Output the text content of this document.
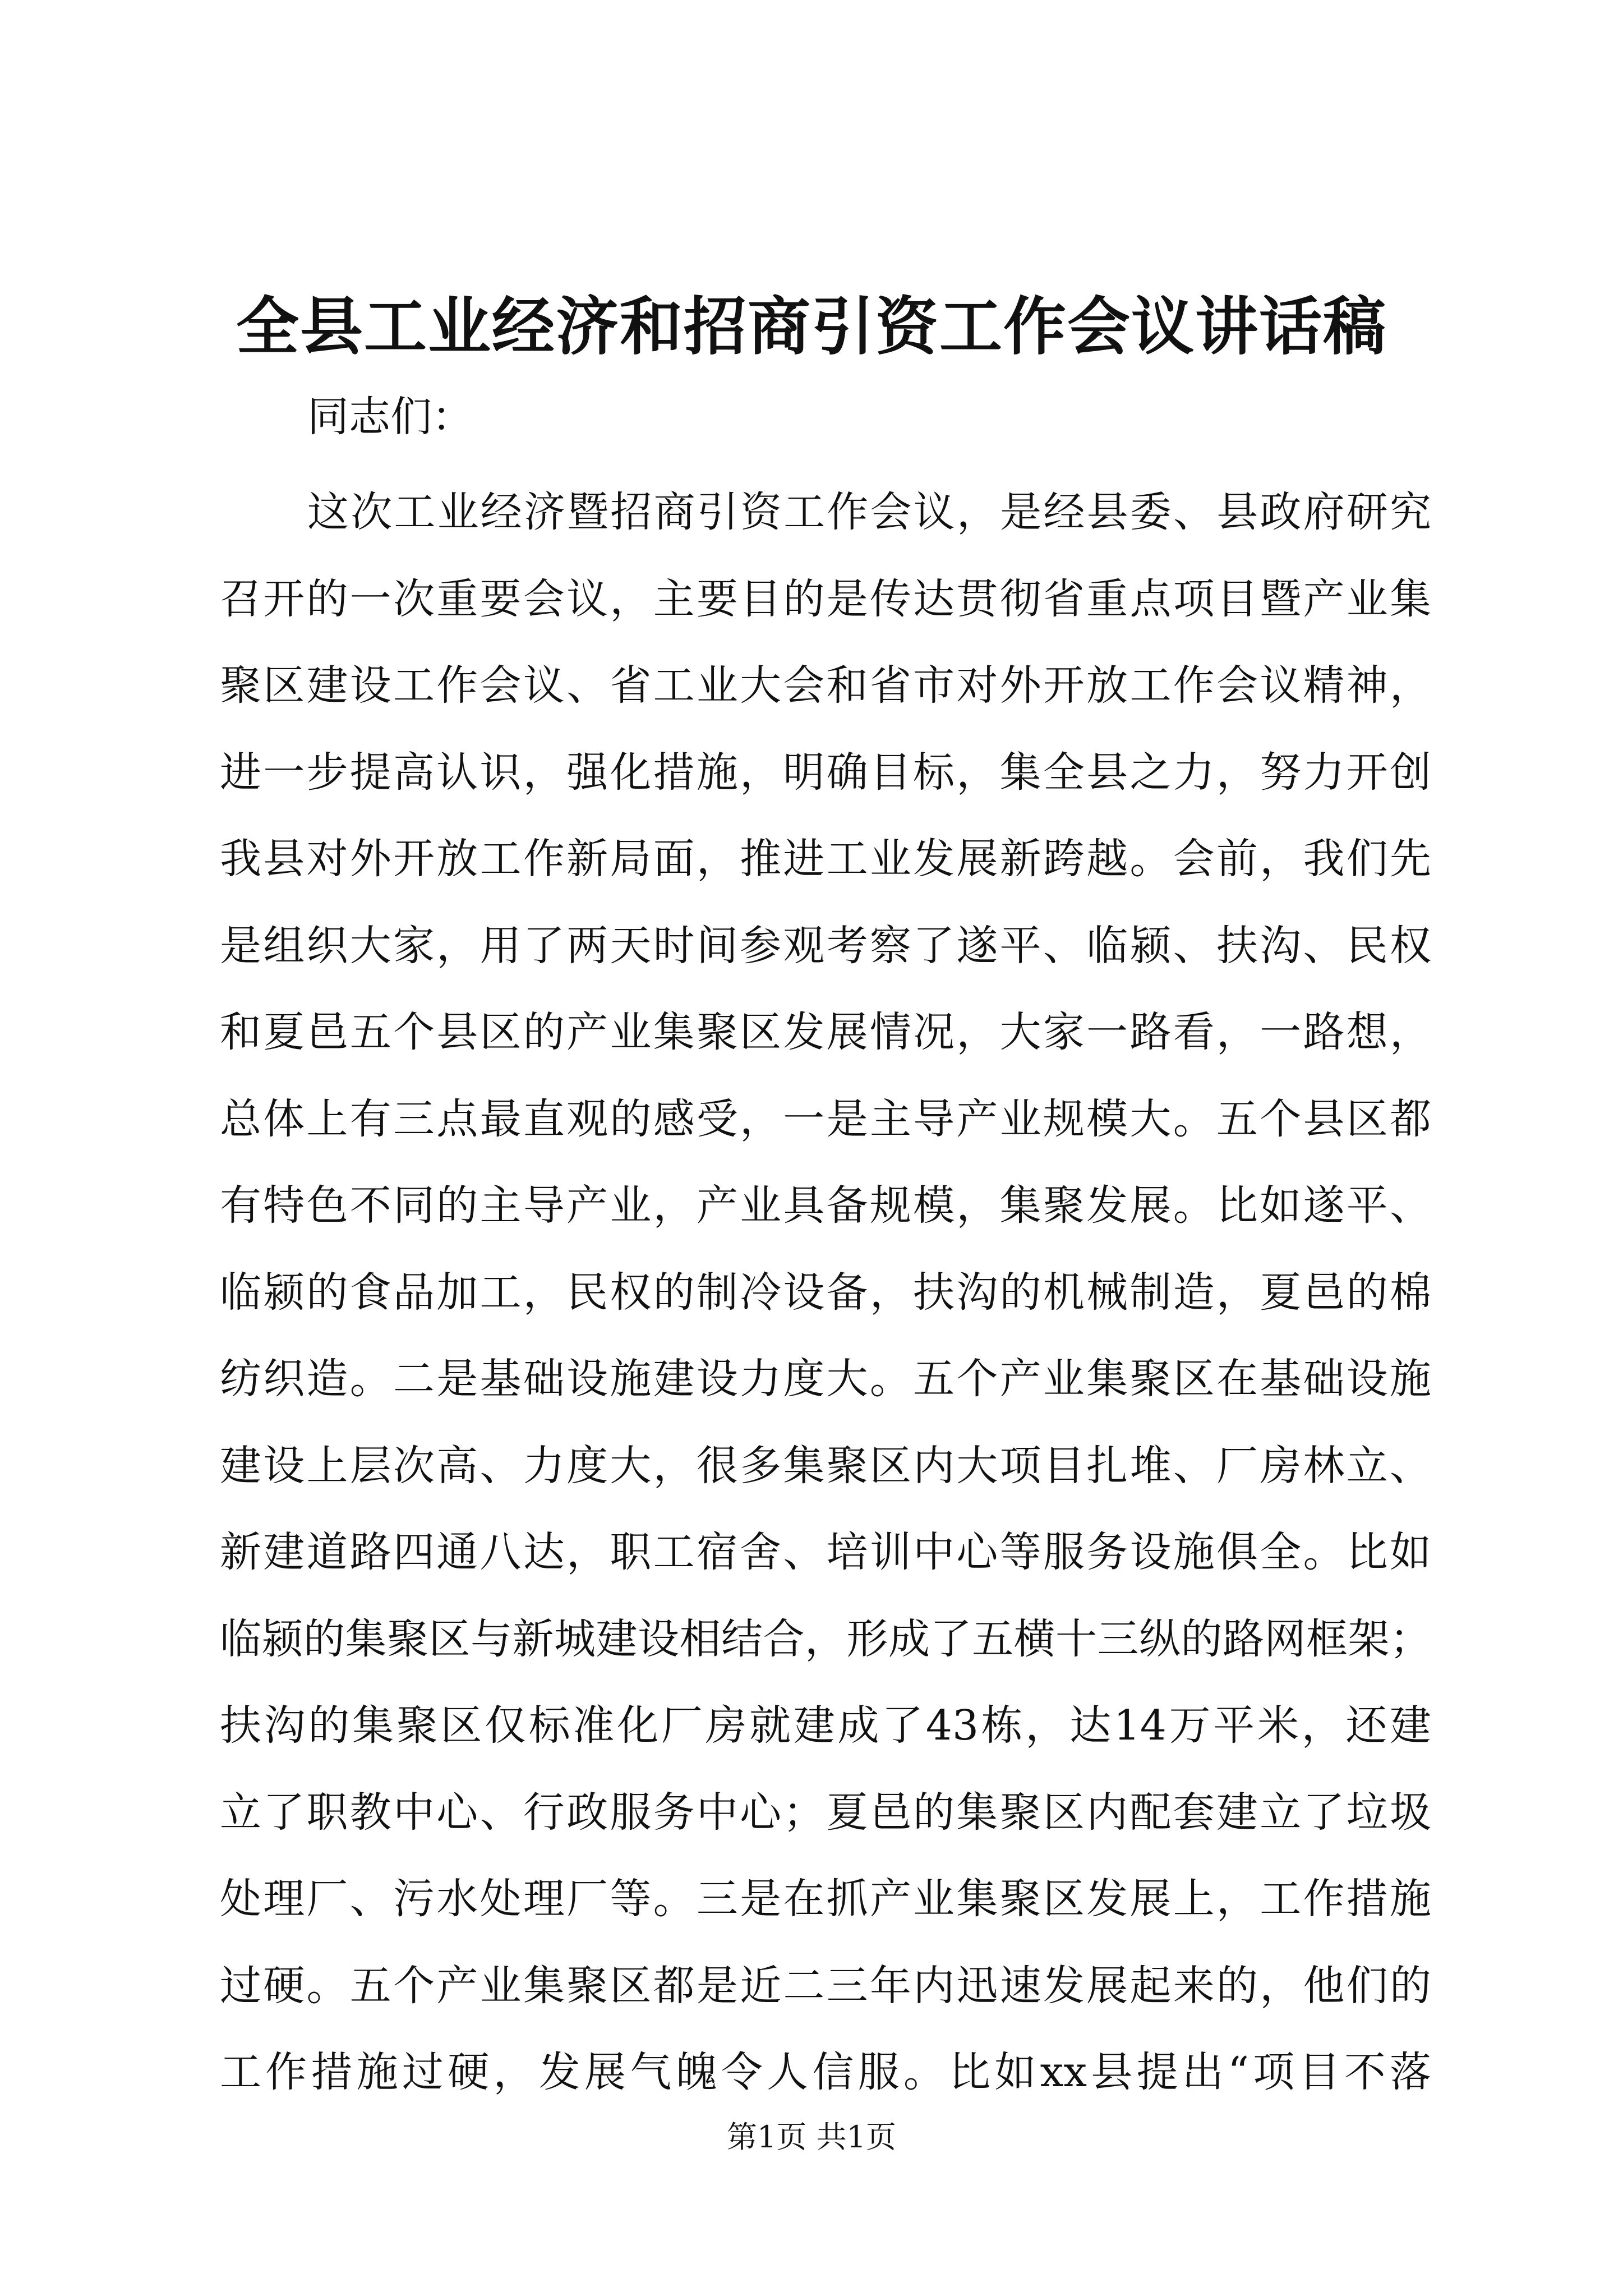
全县工业经济和招商引资工作会议讲话稿
同志们：
这次工业经济暨招商引资工作会议，是经县委、县政府研究
召开的一次重要会议，主要目的是传达贯彻省重点项目暨产业集
聚区建设工作会议、省工业大会和省市对外开放工作会议精神，
进一步提高认识，强化措施，明确目标，集全县之力，努力开创
我县对外开放工作新局面，推进工业发展新跨越。会前，我们先
是组织大家，用了两天时间参观考察了遂平、临颍、扶沟、民权
和夏邑五个县区的产业集聚区发展情况，大家一路看，一路想，
总体上有三点最直观的感受，一是主导产业规模大。五个县区都
有特色不同的主导产业，产业具备规模，集聚发展。比如遂平、
临颍的食品加工，民权的制冷设备，扶沟的机械制造，夏邑的棉
纺织造。二是基础设施建设力度大。五个产业集聚区在基础设施
建设上层次高、力度大，很多集聚区内大项目扎堆、厂房林立、
新建道路四通八达，职工宿舍、培训中心等服务设施俱全。比如
临颍的集聚区与新城建设相结合，形成了五横十三纵的路网框架；
扶沟的集聚区仅标准化厂房就建成了43栋，达14万平米，还建
立了职教中心、行政服务中心；夏邑的集聚区内配套建立了垃圾
处理厂、污水处理厂等。三是在抓产业集聚区发展上，工作措施
过硬。五个产业集聚区都是近二三年内迅速发展起来的，他们的
工作措施过硬，发展气魄令人信服。比如xx县提出“项目不落
第1页 共1页
